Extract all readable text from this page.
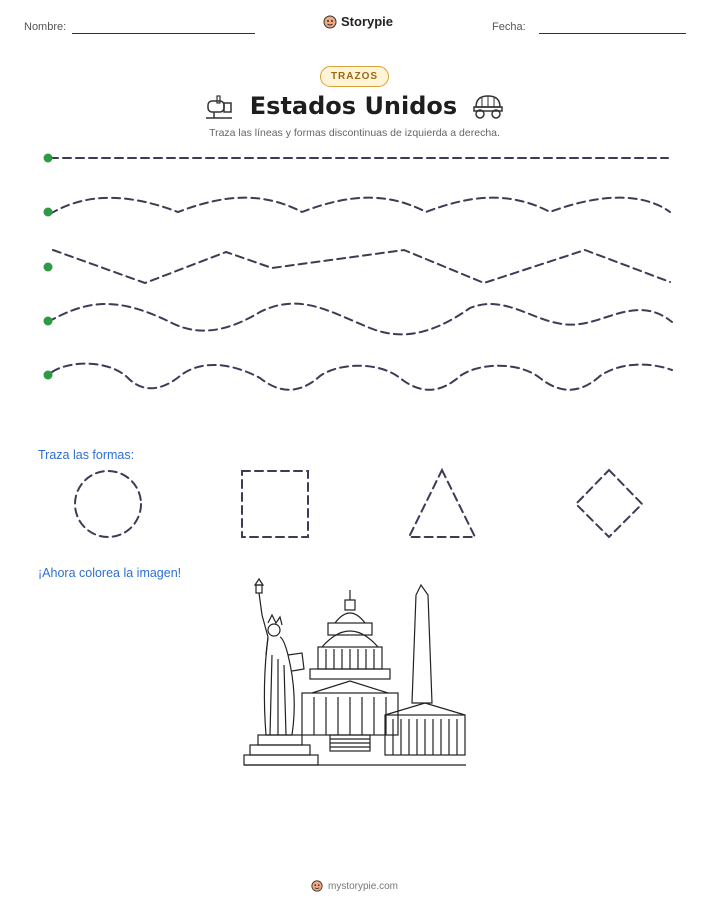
Nombre:	Storypie	Fecha:
TRAZOS
Estados Unidos
Traza las líneas y formas discontinuas de izquierda a derecha.
Traza las formas:
¡Ahora colorea la imagen!
mystorypie.com
